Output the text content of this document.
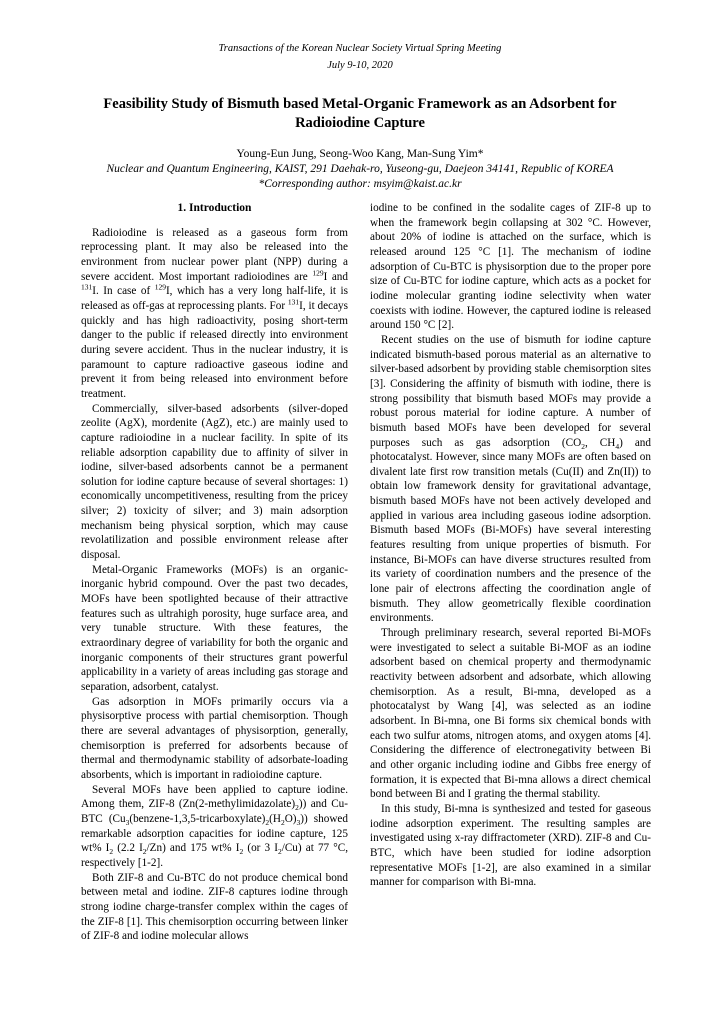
Transactions of the Korean Nuclear Society Virtual Spring Meeting
July 9-10, 2020
Feasibility Study of Bismuth based Metal-Organic Framework as an Adsorbent for Radioiodine Capture
Young-Eun Jung, Seong-Woo Kang, Man-Sung Yim*
Nuclear and Quantum Engineering, KAIST, 291 Daehak-ro, Yuseong-gu, Daejeon 34141, Republic of KOREA
*Corresponding author: msyim@kaist.ac.kr
1. Introduction

Radioiodine is released as a gaseous form from reprocessing plant. It may also be released into the environment from nuclear power plant (NPP) during a severe accident. Most important radioiodines are $^{129}$I and $^{131}$I. In case of $^{129}$I, which has a very long half-life, it is released as off-gas at reprocessing plants. For $^{131}$I, it decays quickly and has high radioactivity, posing short-term danger to the public if released directly into environment during severe accident. Thus in the nuclear industry, it is paramount to capture radioactive gaseous iodine and prevent it from being released into environment before treatment.

Commercially, silver-based adsorbents (silver-doped zeolite (AgX), mordenite (AgZ), etc.) are mainly used to capture radioiodine in a nuclear facility. In spite of its reliable adsorption capability due to affinity of silver in iodine, silver-based adsorbents cannot be a permanent solution for iodine capture because of several shortages: 1) economically uncompetitiveness, resulting from the pricey silver; 2) toxicity of silver; and 3) main adsorption mechanism being physical sorption, which may cause revolatilization and possible environment release after disposal.

Metal-Organic Frameworks (MOFs) is an organic-inorganic hybrid compound. Over the past two decades, MOFs have been spotlighted because of their attractive features such as ultrahigh porosity, huge surface area, and very tunable structure. With these features, the extraordinary degree of variability for both the organic and inorganic components of their structures grant powerful applicability in a variety of areas including gas storage and separation, adsorbent, catalyst.

Gas adsorption in MOFs primarily occurs via a physisorptive process with partial chemisorption. Though there are several advantages of physisorption, generally, chemisorption is preferred for adsorbents because of thermal and thermodynamic stability of adsorbate-loading absorbents, which is important in radioiodine capture.

Several MOFs have been applied to capture iodine. Among them, ZIF-8 $(Zn(2-methylimidazolate)_2)$) and Cu-BTC $(Cu_3(benzene-1,3,5-tricarboxylate)_2(H_2O)_3)$) showed remarkable adsorption capacities for iodine capture, 125 wt% $I_2$ (2.2 $I_2/Zn$) and 175 wt% $I_2$ (or 3 $I_2/Cu$) at 77 °C, respectively [1-2].

Both ZIF-8 and Cu-BTC do not produce chemical bond between metal and iodine. ZIF-8 captures iodine through strong iodine charge-transfer complex within the cages of the ZIF-8 [1]. This chemisorption occurring between linker of ZIF-8 and iodine molecular allows

iodine to be confined in the sodalite cages of ZIF-8 up to when the framework begin collapsing at 302 °C. However, about 20% of iodine is attached on the surface, which is released around 125 °C [1]. The mechanism of iodine adsorption of Cu-BTC is physisorption due to the proper pore size of Cu-BTC for iodine capture, which acts as a pocket for iodine molecular granting iodine selectivity when water coexists with iodine. However, the captured iodine is released around 150 °C [2].

Recent studies on the use of bismuth for iodine capture indicated bismuth-based porous material as an alternative to silver-based adsorbent by providing stable chemisorption sites [3]. Considering the affinity of bismuth with iodine, there is strong possibility that bismuth based MOFs may provide a robust porous material for iodine capture. A number of bismuth based MOFs have been developed for several purposes such as gas adsorption ($CO_2$, $CH_4$) and photocatalyst. However, since many MOFs are often based on divalent late first row transition metals (Cu(II) and Zn(II)) to obtain low framework density for gravitational advantage, bismuth based MOFs have not been actively developed and applied in various area including gaseous iodine adsorption. Bismuth based MOFs (Bi-MOFs) have several interesting features resulting from unique properties of bismuth. For instance, Bi-MOFs can have diverse structures resulted from its variety of coordination numbers and the presence of the lone pair of electrons affecting the coordination angle of bismuth. They allow geometrically flexible coordination environments.

Through preliminary research, several reported Bi-MOFs were investigated to select a suitable Bi-MOF as an iodine adsorbent based on chemical property and thermodynamic reactivity between adsorbent and adsorbate, which allowing chemisorption. As a result, Bi-mna, developed as a photocatalyst by Wang [4], was selected as an iodine adsorbent. In Bi-mna, one Bi forms six chemical bonds with each two sulfur atoms, nitrogen atoms, and oxygen atoms [4]. Considering the difference of electronegativity between Bi and other organic including iodine and Gibbs free energy of formation, it is expected that Bi-mna allows a direct chemical bond between Bi and I grating the thermal stability.

In this study, Bi-mna is synthesized and tested for gaseous iodine adsorption experiment. The resulting samples are investigated using x-ray diffractometer (XRD). ZIF-8 and Cu-BTC, which have been studied for iodine adsorption representative MOFs [1-2], are also examined in a similar manner for comparison with Bi-mna.
